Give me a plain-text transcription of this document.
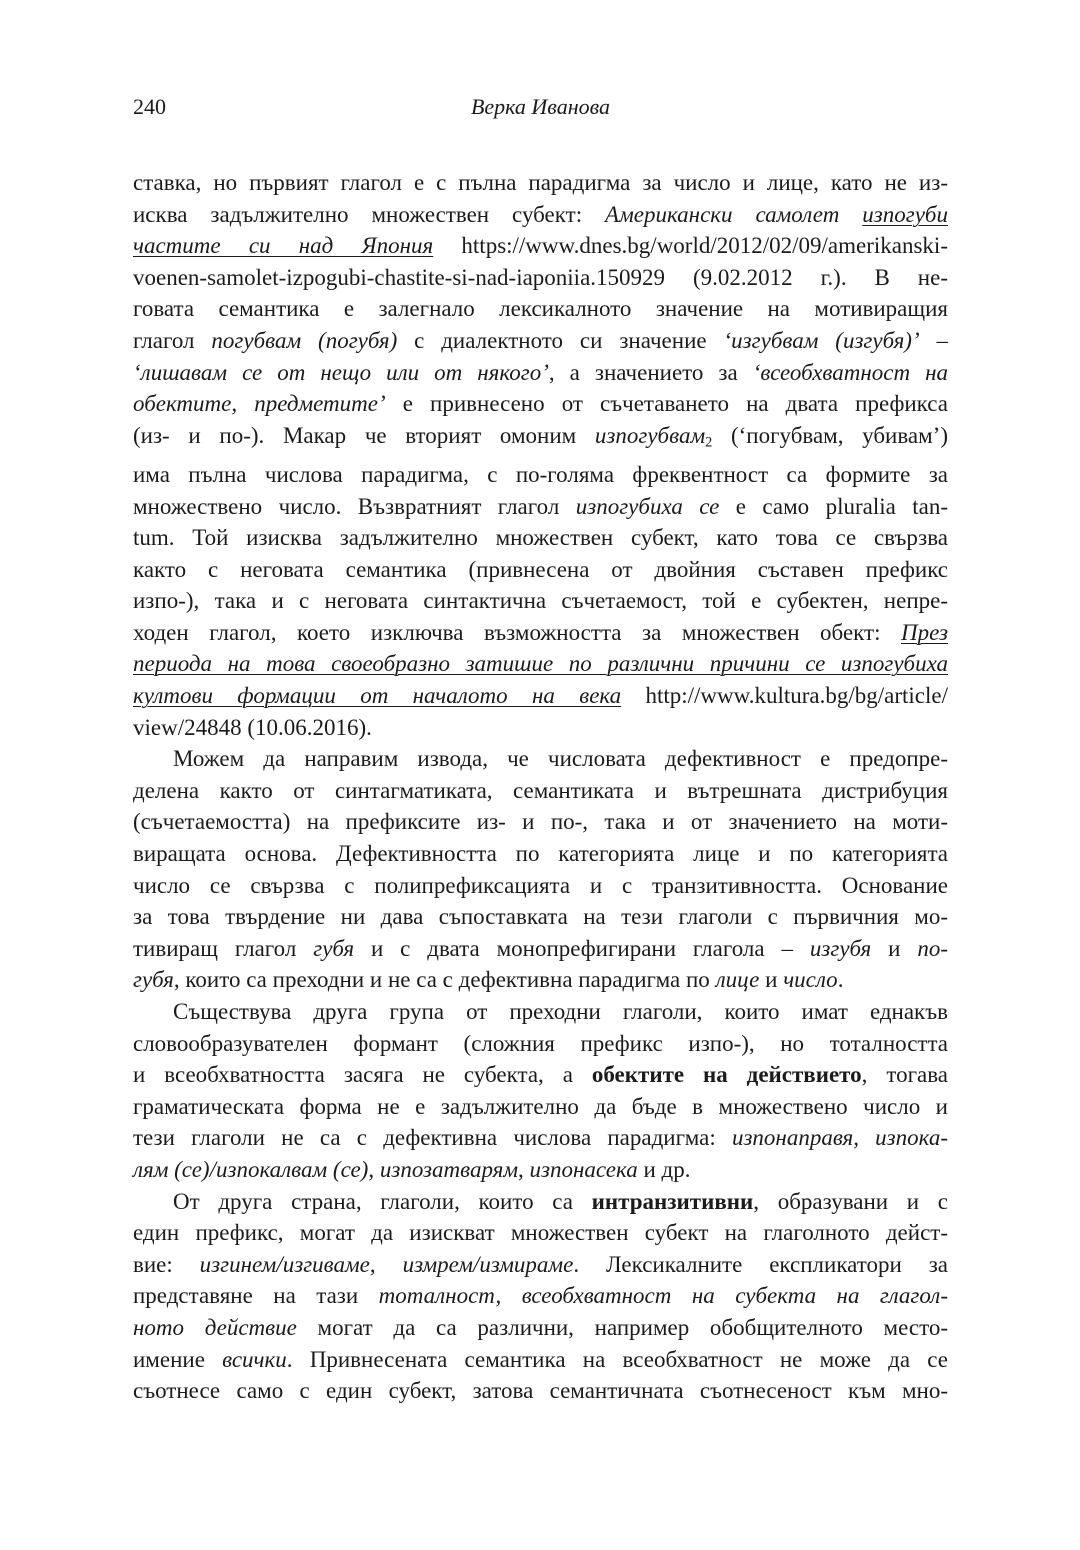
240	Верка Иванова
ставка, но първият глагол е с пълна парадигма за число и лице, като не из-
исква задължително множествен субект: Американски самолет изпогуби
частите си над Япония https://www.dnes.bg/world/2012/02/09/amerikanski-
voenen-samolet-izpogubi-chastite-si-nad-iaponiia.150929 (9.02.2012 г.). В не-
говата семантика е залегнало лексикалното значение на мотивиращия
глагол погубвам (погубя) с диалектното си значение ‘изгубвам (изгубя)’ –
‘лишавам се от нещо или от някого’, а значението за ‘всеобхватност на
обектите, предметите’ е привнесено от съчетаването на двата префикса
(из- и по-). Макар че вторият омоним изпогубвам$_2$ (‘погубвам, убивам’)
има пълна числова парадигма, с по-голяма фреквентност са формите за
множествено число. Възвратният глагол изпогубиха се е само pluralia tan-
tum. Той изисква задължително множествен субект, като това се свързва
както с неговата семантика (привнесена от двойния съставен префикс
изпо-), така и с неговата синтактична съчетаемост, той е субектен, непре-
ходен глагол, което изключва възможността за множествен обект: През
периода на това своеобразно затишие по различни причини се изпогубиха
култови формации от началото на века http://www.kultura.bg/bg/article/
view/24848 (10.06.2016).
Можем да направим извода, че числовата дефективност е предопре-
делена както от синтагматиката, семантиката и вътрешната дистрибуция
(съчетаемостта) на префиксите из- и по-, така и от значението на моти-
виращата основа. Дефективността по категорията лице и по категорията
число се свързва с полипрефиксацията и с транзитивността. Основание
за това твърдение ни дава съпоставката на тези глаголи с първичния мо-
тивиращ глагол губя и с двата монопрефигирани глагола – изгубя и по-
губя, които са преходни и не са с дефективна парадигма по лице и число.
Съществува друга група от преходни глаголи, които имат еднакъв
словообразувателен формант (сложния префикс изпо-), но тоталността
и всеобхватността засяга не субекта, а обектите на действието, тогава
граматическата форма не е задължително да бъде в множествено число и
тези глаголи не са с дефективна числова парадигма: изпонаправя, изпока-
лям (се)/изпокалвам (се), изпозатварям, изпонасека и др.
От друга страна, глаголи, които са интранзитивни, образувани и с
един префикс, могат да изискват множествен субект на глаголното дейст-
вие: изгинем/изгиваме, измрем/измираме. Лексикалните експликатори за
представяне на тази тоталност, всеобхватност на субекта на глагол-
ното действие могат да са различни, например обобщителното место-
имение всички. Привнесената семантика на всеобхватност не може да се
съотнесе само с един субект, затова семантичната съотнесеност към мно-
